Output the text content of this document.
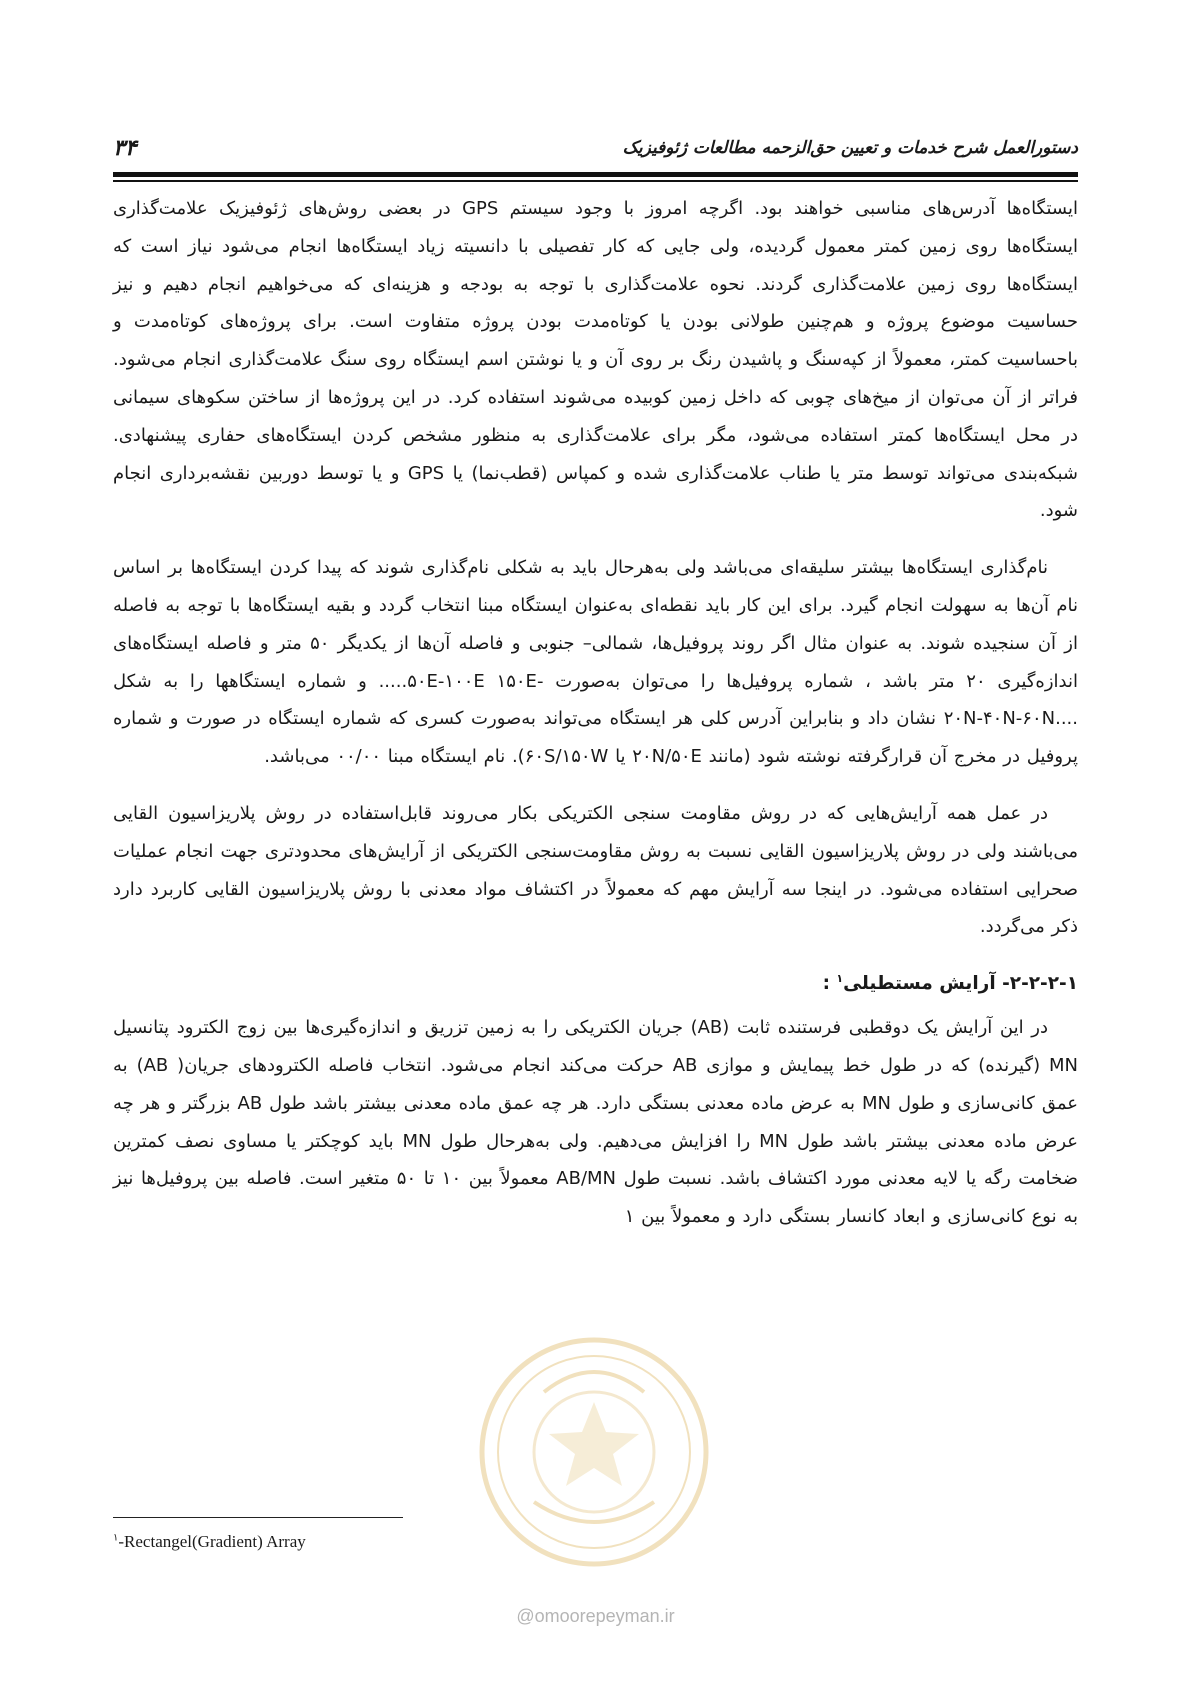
۳۴	دستورالعمل شرح خدمات و تعیین حق‌الزحمه مطالعات ژئوفیزیک

ایستگاه‌ها آدرس‌های مناسبی خواهند بود. اگرچه امروز با وجود سیستم GPS در بعضی روش‌های ژئوفیزیک علامت‌گذاری ایستگاه‌ها روی زمین کمتر معمول گردیده، ولی جایی که کار تفصیلی با دانسیته زیاد ایستگاه‌ها انجام می‌شود نیاز است که ایستگاه‌ها روی زمین علامت‌گذاری گردند. نحوه علامت‌گذاری با توجه به بودجه و هزینه‌ای که می‌خواهیم انجام دهیم و نیز حساسیت موضوع پروژه و هم‌چنین طولانی بودن یا کوتاه‌مدت بودن پروژه متفاوت است. برای پروژه‌های کوتاه‌مدت و باحساسیت کمتر، معمولاً از کپه‌سنگ و پاشیدن رنگ بر روی آن و یا نوشتن اسم ایستگاه روی سنگ علامت‌گذاری انجام می‌شود. فراتر از آن می‌توان از میخ‌های چوبی که داخل زمین کوبیده می‌شوند استفاده کرد. در این پروژه‌ها از ساختن سکوهای سیمانی در محل ایستگاه‌ها کمتر استفاده می‌شود، مگر برای علامت‌گذاری به منظور مشخص کردن ایستگاه‌های حفاری پیشنهادی. شبکه‌بندی می‌تواند توسط متر یا طناب علامت‌گذاری شده و کمپاس (قطب‌نما) یا GPS و یا توسط دوربین نقشه‌برداری انجام شود.

نام‌گذاری ایستگاه‌ها بیشتر سلیقه‌ای می‌باشد ولی به‌هرحال باید به شکلی نام‌گذاری شوند که پیدا کردن ایستگاه‌ها بر اساس نام آن‌ها به سهولت انجام گیرد. برای این کار باید نقطه‌ای به‌عنوان ایستگاه مبنا انتخاب گردد و بقیه ایستگاه‌ها با توجه به فاصله از آن سنجیده شوند. به عنوان مثال اگر روند پروفیل‌ها، شمالی– جنوبی و فاصله آن‌ها از یکدیگر ۵۰ متر و فاصله ایستگاه‌های اندازه‌گیری ۲۰ متر باشد ، شماره پروفیل‌ها را می‌توان به‌صورت -۵۰E-۱۰۰E ۱۵۰E..... و شماره ایستگاهها را به شکل ....۲۰N-۴۰N-۶۰N نشان داد و بنابراین آدرس کلی هر ایستگاه می‌تواند به‌صورت کسری که شماره ایستگاه در صورت و شماره پروفیل در مخرج آن قرارگرفته نوشته شود (مانند ۲۰N/۵۰E یا ۶۰S/۱۵۰W). نام ایستگاه مبنا ۰۰/۰۰ می‌باشد.

در عمل همه آرایش‌هایی که در روش مقاومت سنجی الکتریکی بکار می‌روند قابل‌استفاده در روش پلاریزاسیون القایی می‌باشند ولی در روش پلاریزاسیون القایی نسبت به روش مقاومت‌سنجی الکتریکی از آرایش‌های محدودتری جهت انجام عملیات صحرایی استفاده می‌شود. در اینجا سه آرایش مهم که معمولاً در اکتشاف مواد معدنی با روش پلاریزاسیون القایی کاربرد دارد ذکر می‌گردد.

۲-۲-۲-۱- آرایش مستطیلی$^۱$ :

در این آرایش یک دوقطبی فرستنده ثابت (AB) جریان الکتریکی را به زمین تزریق و اندازه‌گیری‌ها بین زوج الکترود پتانسیل MN (گیرنده) که در طول خط پیمایش و موازی AB حرکت می‌کند انجام می‌شود. انتخاب فاصله الکترودهای جریان( AB) به عمق کانی‌سازی و طول MN به عرض ماده معدنی بستگی دارد. هر چه عمق ماده معدنی بیشتر باشد طول AB بزرگتر و هر چه عرض ماده معدنی بیشتر باشد طول MN را افزایش می‌دهیم. ولی به‌هرحال طول MN باید کوچکتر یا مساوی نصف کمترین ضخامت رگه یا لایه معدنی مورد اکتشاف باشد. نسبت طول AB/MN معمولاً بین ۱۰ تا ۵۰ متغیر است. فاصله بین پروفیل‌ها نیز به نوع کانی‌سازی و ابعاد کانسار بستگی دارد و معمولاً بین ۱

$^۱$-Rectangel(Gradient) Array
@omoorepeyman.ir
